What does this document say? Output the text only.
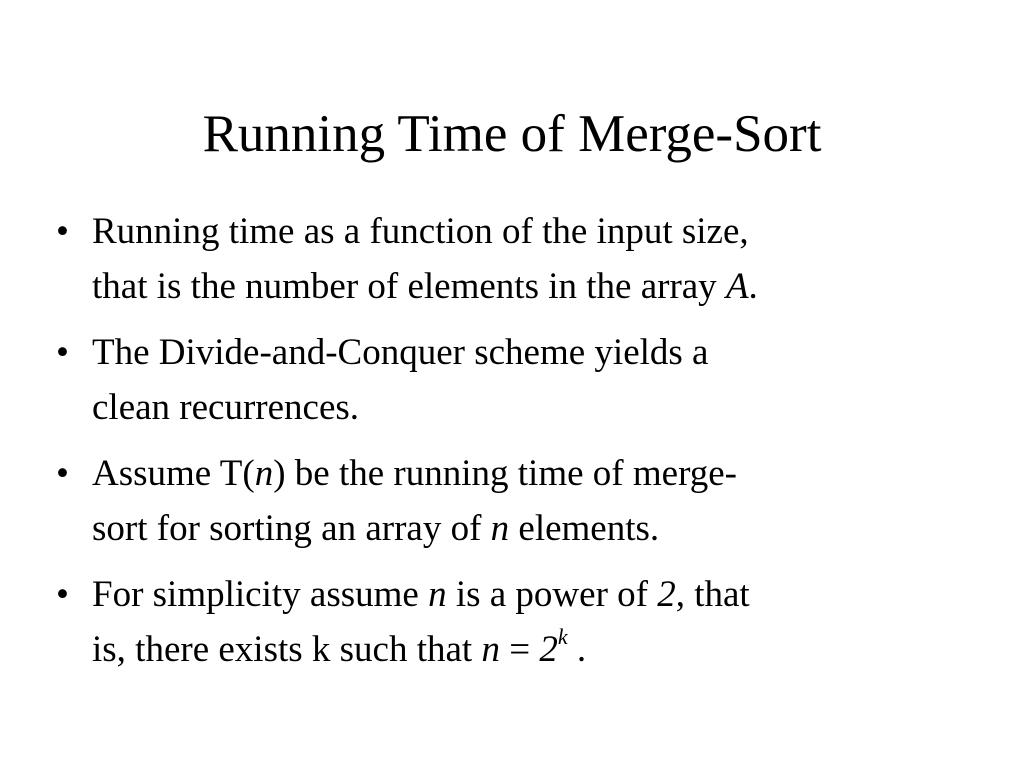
Running Time of Merge-Sort
• Running time as a function of the input size,
that is the number of elements in the array A.
• The Divide-and-Conquer scheme yields a
clean recurrences.
• Assume T(n) be the running time of merge-
sort for sorting an array of n elements.
• For simplicity assume n is a power of 2, that
is, there exists k such that $n = 2^k$ .
